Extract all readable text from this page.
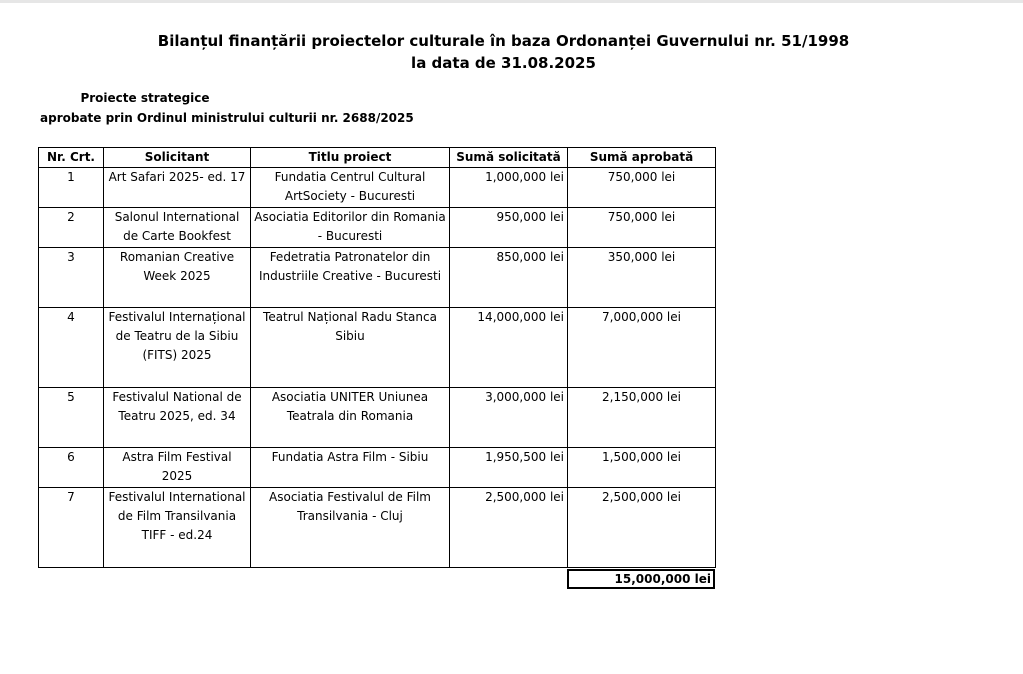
Bilanțul finanțării proiectelor culturale în baza Ordonanței Guvernului nr. 51/1998
la data de 31.08.2025
Proiecte strategice
aprobate prin Ordinul ministrului culturii nr. 2688/2025
Nr. Crt.	Solicitant	Titlu proiect	Sumă solicitată	Sumă aprobată
1	Art Safari 2025- ed. 17	Fundatia Centrul Cultural ArtSociety - Bucuresti	1,000,000 lei	750,000 lei
2	Salonul International de Carte Bookfest	Asociatia Editorilor din Romania - Bucuresti	950,000 lei	750,000 lei
3	Romanian Creative Week 2025	Fedetratia Patronatelor din Industriile Creative - Bucuresti	850,000 lei	350,000 lei
4	Festivalul Internațional de Teatru de la Sibiu (FITS) 2025	Teatrul Național Radu Stanca Sibiu	14,000,000 lei	7,000,000 lei
5	Festivalul National de Teatru 2025, ed. 34	Asociatia UNITER Uniunea Teatrala din Romania	3,000,000 lei	2,150,000 lei
6	Astra Film Festival 2025	Fundatia Astra Film - Sibiu	1,950,500 lei	1,500,000 lei
7	Festivalul International de Film Transilvania TIFF - ed.24	Asociatia Festivalul de Film Transilvania - Cluj	2,500,000 lei	2,500,000 lei
15,000,000 lei
